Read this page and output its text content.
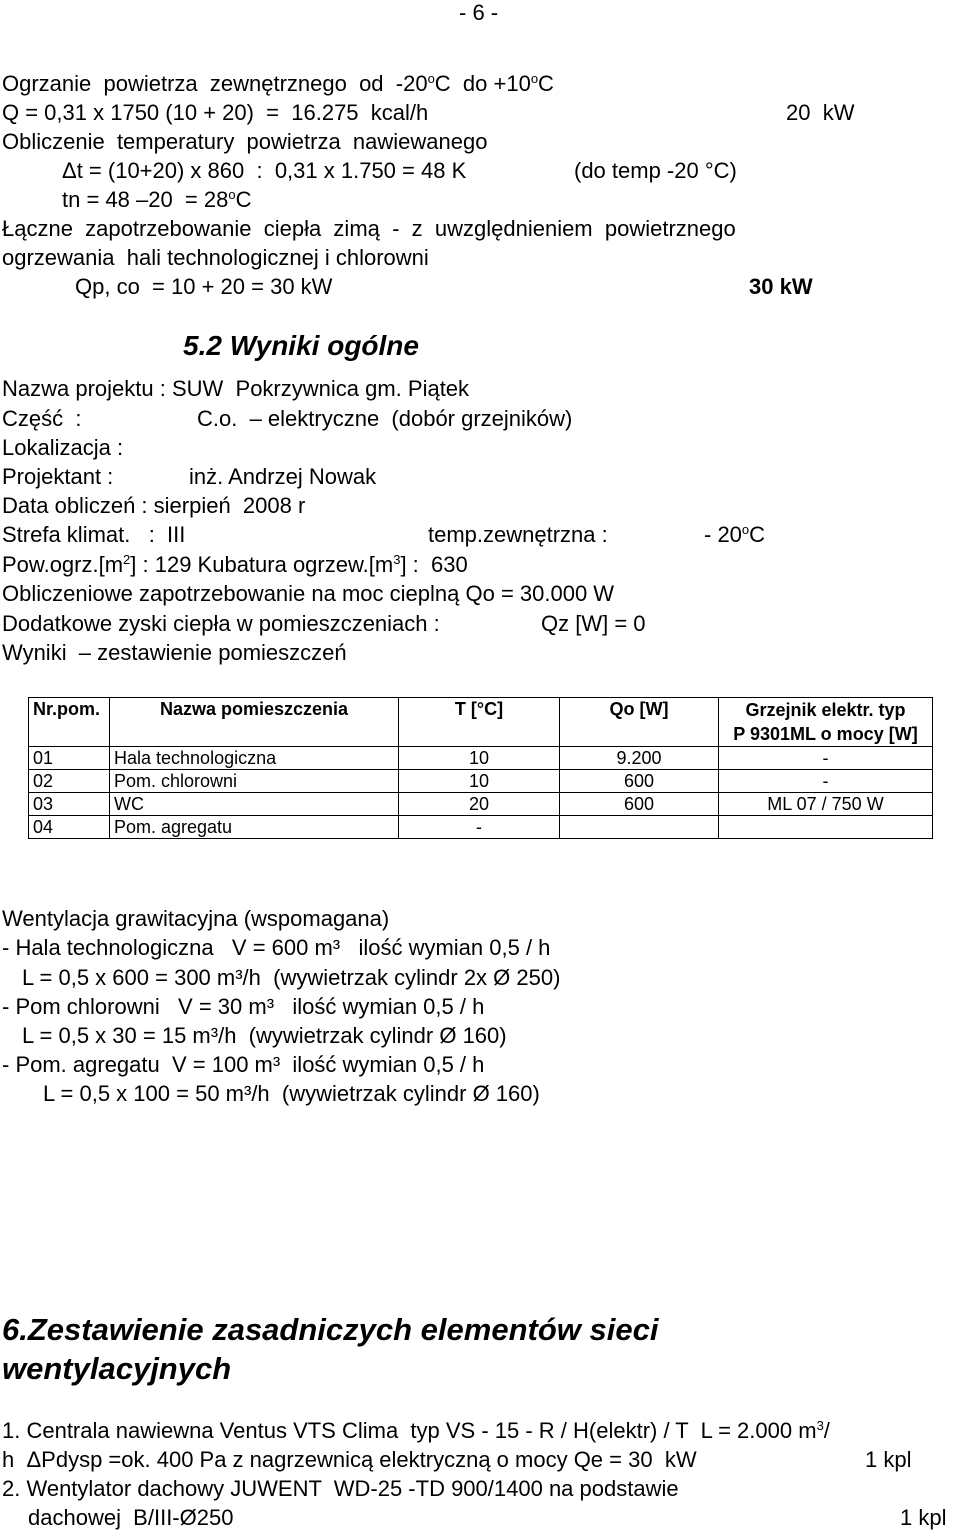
- 6 -
Ogrzanie  powietrza  zewnętrznego  od  -20$^o$C  do $+10^oC$
Q = 0,31 x 1750 (10 + 20)  =  16.275  kcal/h	20  kW
Obliczenie  temperatury  powietrza  nawiewanego
Δt = (10+20) x 860  :  0,31 x 1.750 = 48 K	(do temp -20 °C)
tn = 48 $-20 = 28^oC$
Łączne  zapotrzebowanie  ciepła  zimą  -  z  uwzględnieniem  powietrznego
ogrzewania  hali technologicznej i chlorowni
Qp, co  = 10 + 20 = 30 kW	30 kW
5.2 Wyniki ogólne
Nazwa projektu : SUW  Pokrzywnica gm. Piątek
Część  :	C.o.  – elektryczne  (dobór grzejników)
Lokalizacja :
Projektant :	inż. Andrzej Nowak
Data obliczeń : sierpień  2008 r
Strefa klimat.   :  III	temp.zewnętrzna :	- 20$^o$C
$Pow.ogrz.[m^2]$ : 129 Kubatura $ogrzew.[m^3]$ :  630
Obliczeniowe zapotrzebowanie na moc cieplną Qo = 30.000 W
Dodatkowe zyski ciepła w pomieszczeniach :	Qz [W] = 0
Wyniki  – zestawienie pomieszczeń
Nr.pom.	Nazwa pomieszczenia	T [°C]	Qo [W]	Grzejnik elektr. typ
P 9301ML o mocy [W]
01	Hala technologiczna	10	9.200	-
02	Pom. chlorowni	10	600	-
03	WC	20	600	ML 07 / 750 W
04	Pom. agregatu	-		
Wentylacja grawitacyjna (wspomagana)
- Hala technologiczna   V = 600 m³   ilość wymian 0,5 / h
L = 0,5 x 600 = 300 m³/h  (wywietrzak cylindr 2x Ø 250)
- Pom chlorowni   V = 30 m³   ilość wymian 0,5 / h
L = 0,5 x 30 = 15 m³/h  (wywietrzak cylindr Ø 160)
- Pom. agregatu  V = 100 m³  ilość wymian 0,5 / h
L = 0,5 x 100 = 50 m³/h  (wywietrzak cylindr Ø 160)
6.Zestawienie zasadniczych elementów sieci
wentylacyjnych
1. Centrala nawiewna Ventus VTS Clima  typ VS - 15 - R / H(elektr) / T  L = 2.000 $m^3/$
h  ΔPdysp =ok. 400 Pa z nagrzewnicą elektryczną o mocy Qe = 30  kW	1 kpl
2. Wentylator dachowy JUWENT  WD-25 -TD 900/1400 na podstawie
dachowej  B/III-Ø250	1 kpl
